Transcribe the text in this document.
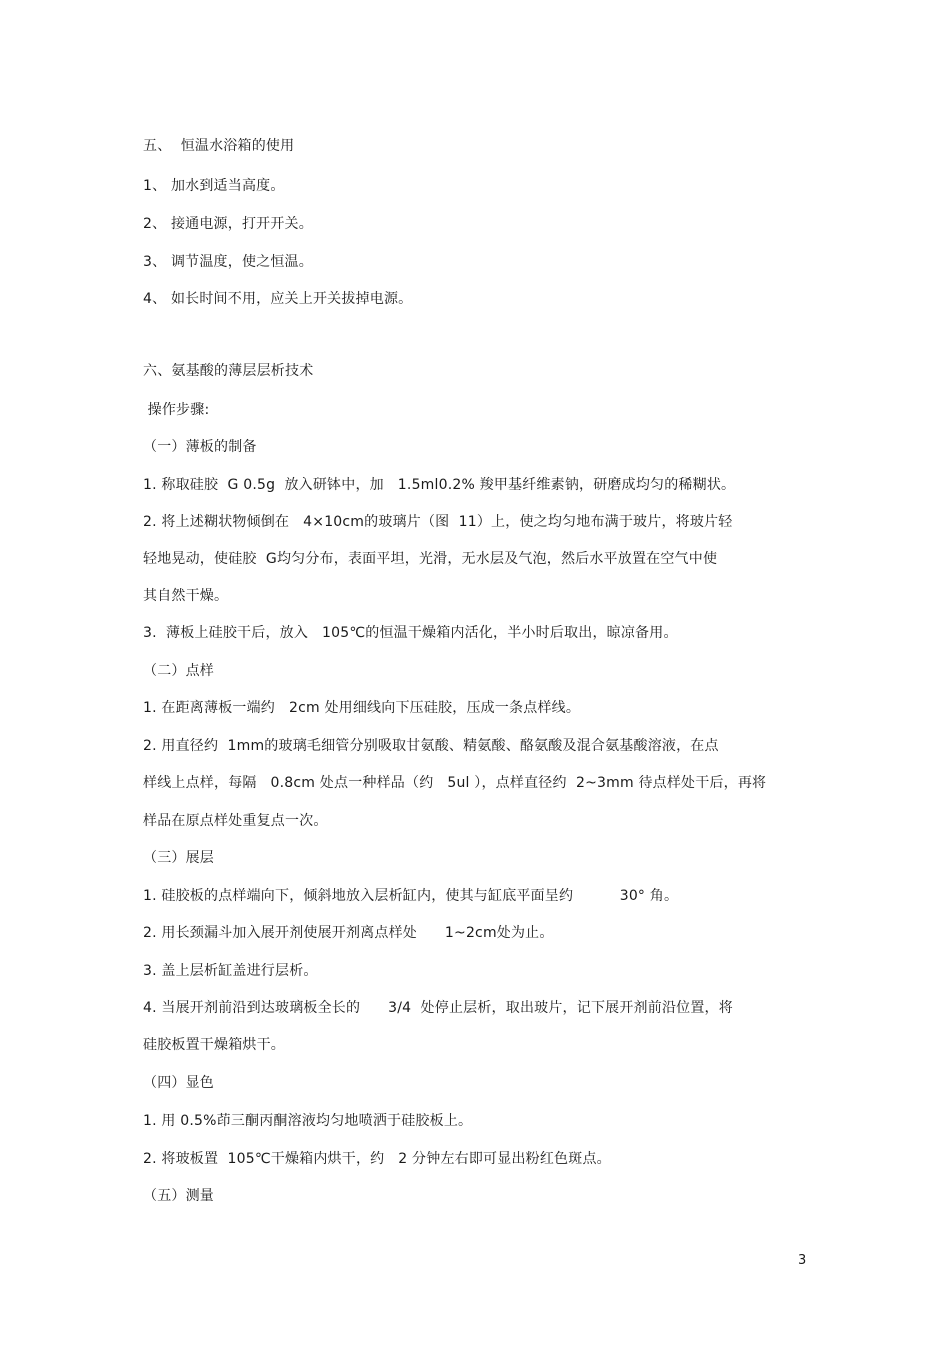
五、  恒温水浴箱的使用
1、 加水到适当高度。
2、 接通电源，打开开关。
3、 调节温度，使之恒温。
4、 如长时间不用，应关上开关拔掉电源。
六、氨基酸的薄层层析技术
操作步骤:
（一）薄板的制备
1. 称取硅胶  G 0.5g  放入研钵中，加   1.5ml0.2% 羧甲基纤维素钠，研磨成均匀的稀糊状。
2. 将上述糊状物倾倒在   4×10cm的玻璃片（图  11）上，使之均匀地布满于玻片，将玻片轻
轻地晃动，使硅胶  G均匀分布，表面平坦，光滑，无水层及气泡，然后水平放置在空气中使
其自然干燥。
3.  薄板上硅胶干后，放入   105℃的恒温干燥箱内活化，半小时后取出，晾凉备用。
（二）点样
1. 在距离薄板一端约   2cm 处用细线向下压硅胶，压成一条点样线。
2. 用直径约  1mm的玻璃毛细管分别吸取甘氨酸、精氨酸、酪氨酸及混合氨基酸溶液，在点
样线上点样，每隔   0.8cm 处点一种样品（约   5ul ），点样直径约  2~3mm 待点样处干后，再将
样品在原点样处重复点一次。
（三）展层
1. 硅胶板的点样端向下，倾斜地放入层析缸内，使其与缸底平面呈约          30° 角。
2. 用长颈漏斗加入展开剂使展开剂离点样处      1~2cm处为止。
3. 盖上层析缸盖进行层析。
4. 当展开剂前沿到达玻璃板全长的      3/4  处停止层析，取出玻片，记下展开剂前沿位置，将
硅胶板置干燥箱烘干。
（四）显色
1. 用 0.5%茚三酮丙酮溶液均匀地喷洒于硅胶板上。
2. 将玻板置  105℃干燥箱内烘干，约   2 分钟左右即可显出粉红色斑点。
（五）测量
3
